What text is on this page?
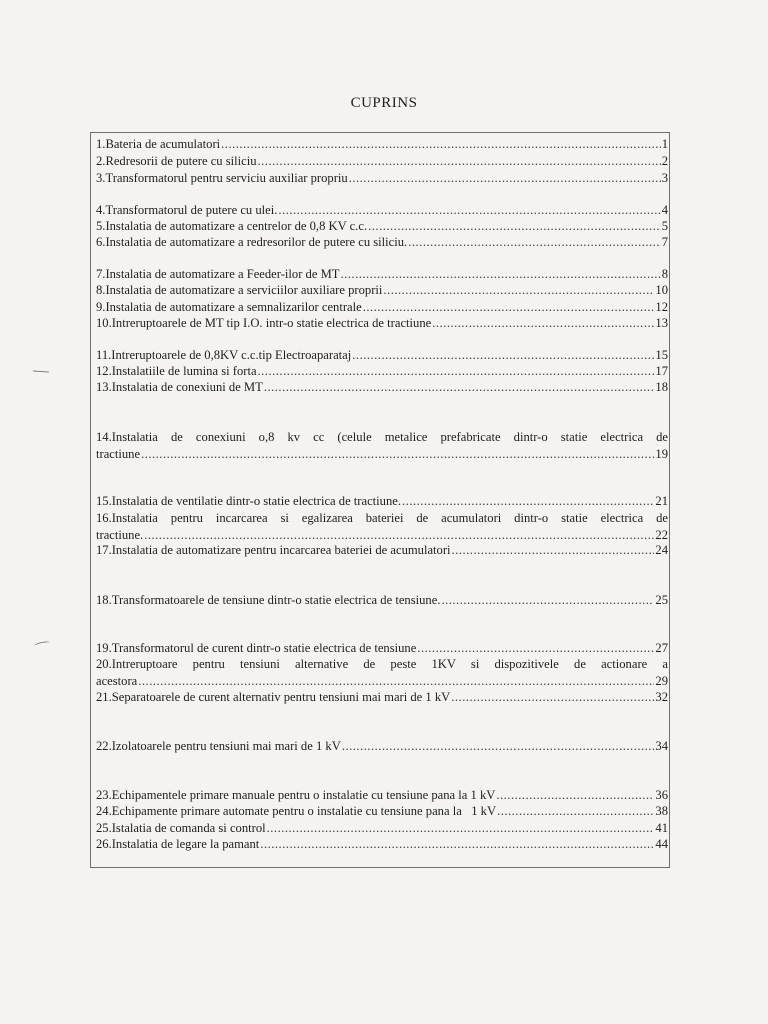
CUPRINS
1.Bateria de acumulatori .....	1
2.Redresorii de putere cu siliciu .....	2
3.Transformatorul pentru serviciu auxiliar propriu .....	3
4.Transformatorul de putere cu ulei. .....	4
5.Instalatia de automatizare a centrelor de 0,8 KV c.c. .....	5
6.Instalatia de automatizare a redresorilor de putere cu siliciu. .....	7
7.Instalatia de automatizare a Feeder-ilor de MT .....	8
8.Instalatia de automatizare a serviciilor auxiliare proprii .....	10
9.Instalatia de automatizare a semnalizarilor centrale .....	12
10.Intreruptoarele de MT tip I.O. intr-o statie electrica de tractiune .....	13
11.Intreruptoarele de 0,8KV c.c.tip Electroaparataj .....	15
12.Instalatiile de lumina si forta .....	17
13.Instalatia de conexiuni de MT .....	18
14.Instalatia de conexiuni o,8 kv cc (celule metalice prefabricate dintr-o statie electrica de
tractiune .....	19
15.Instalatia de ventilatie dintr-o statie electrica de tractiune. .....	21
16.Instalatia pentru incarcarea si egalizarea bateriei de acumulatori dintr-o statie electrica de
tractiune. .....	22
17.Instalatia de automatizare pentru incarcarea bateriei de acumulatori .....	24
18.Transformatoarele de tensiune dintr-o statie electrica de tensiune. .....	25
19.Transformatorul de curent dintr-o statie electrica de tensiune .....	27
20.Intreruptoare pentru tensiuni alternative de peste 1KV si dispozitivele de actionare a
acestora .....	29
21.Separatoarele de curent alternativ pentru tensiuni mai mari de 1 kV .....	32
22.Izolatoarele pentru tensiuni mai mari de 1 kV .....	34
23.Echipamentele primare manuale pentru o instalatie cu tensiune pana la 1 kV .....	36
24.Echipamente primare automate pentru o instalatie cu tensiune pana la   1 kV .....	38
25.Istalatia de comanda si control .....	41
26.Instalatia de legare la pamant .....	44
